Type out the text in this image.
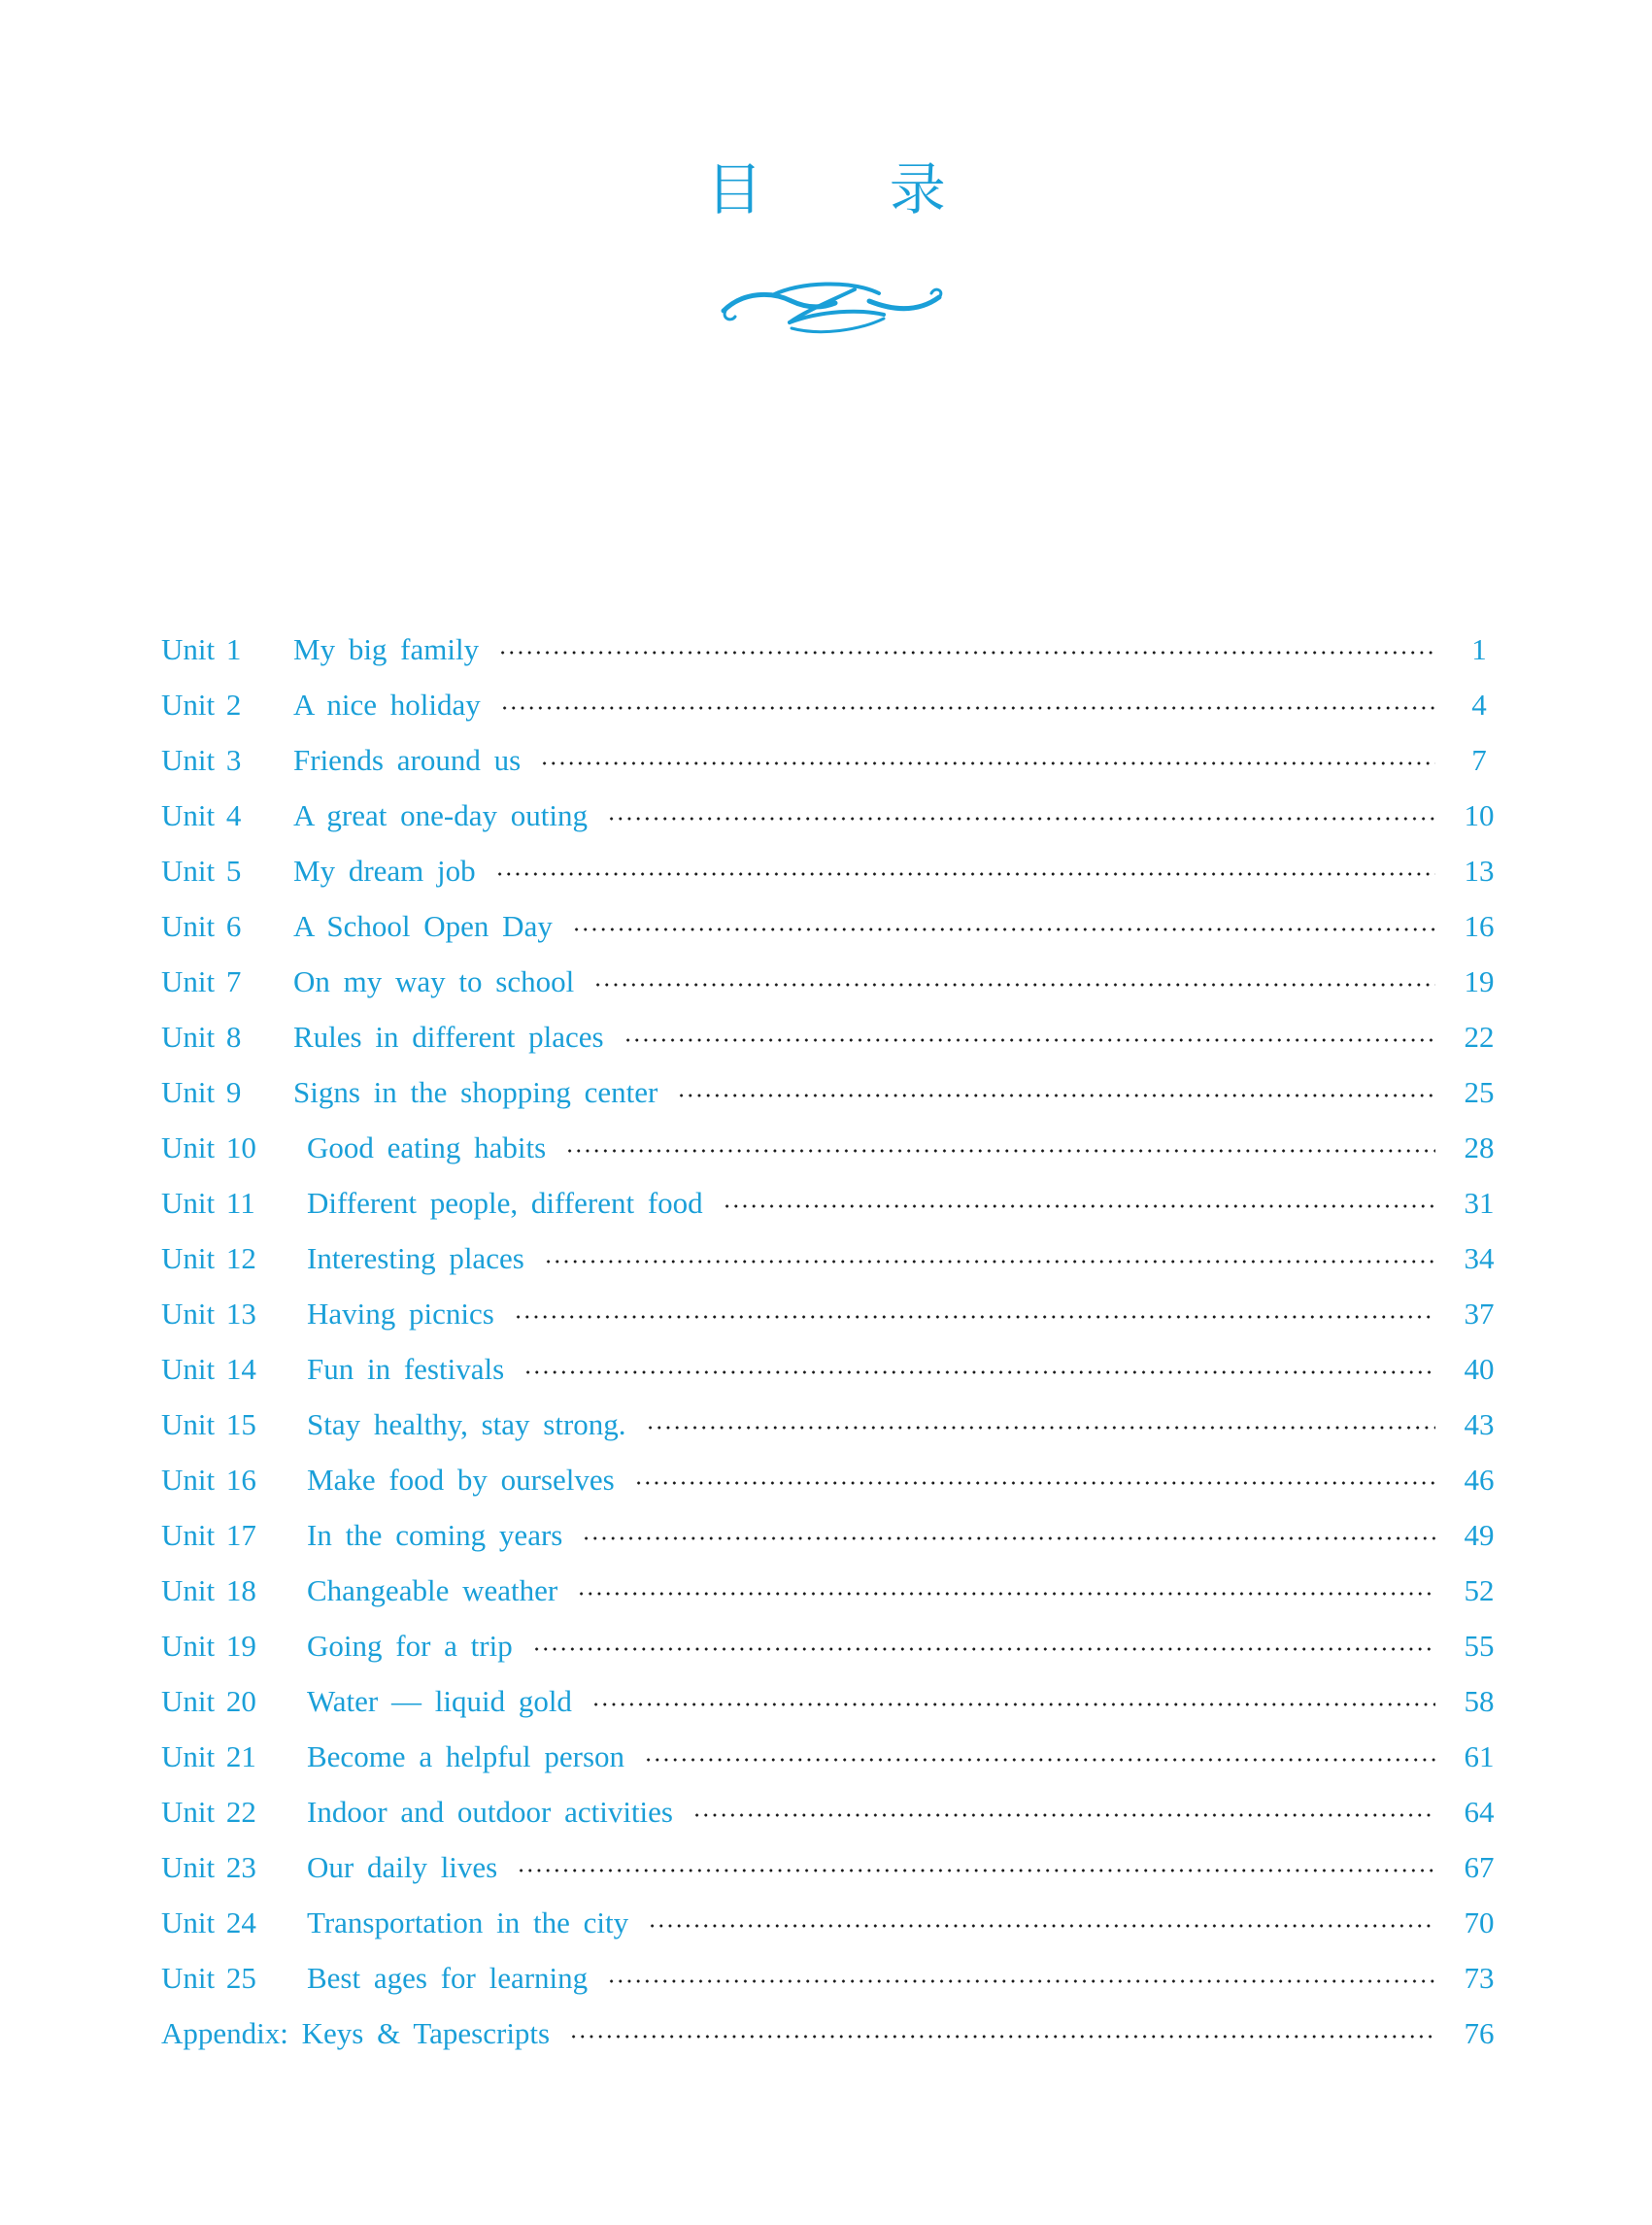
目 录
Unit 1	My big family	1
Unit 2	A nice holiday	4
Unit 3	Friends around us	7
Unit 4	A great one-day outing	10
Unit 5	My dream job	13
Unit 6	A School Open Day	16
Unit 7	On my way to school	19
Unit 8	Rules in different places	22
Unit 9	Signs in the shopping center	25
Unit 10	Good eating habits	28
Unit 11	Different people, different food	31
Unit 12	Interesting places	34
Unit 13	Having picnics	37
Unit 14	Fun in festivals	40
Unit 15	Stay healthy, stay strong.	43
Unit 16	Make food by ourselves	46
Unit 17	In the coming years	49
Unit 18	Changeable weather	52
Unit 19	Going for a trip	55
Unit 20	Water — liquid gold	58
Unit 21	Become a helpful person	61
Unit 22	Indoor and outdoor activities	64
Unit 23	Our daily lives	67
Unit 24	Transportation in the city	70
Unit 25	Best ages for learning	73
Appendix: Keys & Tapescripts	76
